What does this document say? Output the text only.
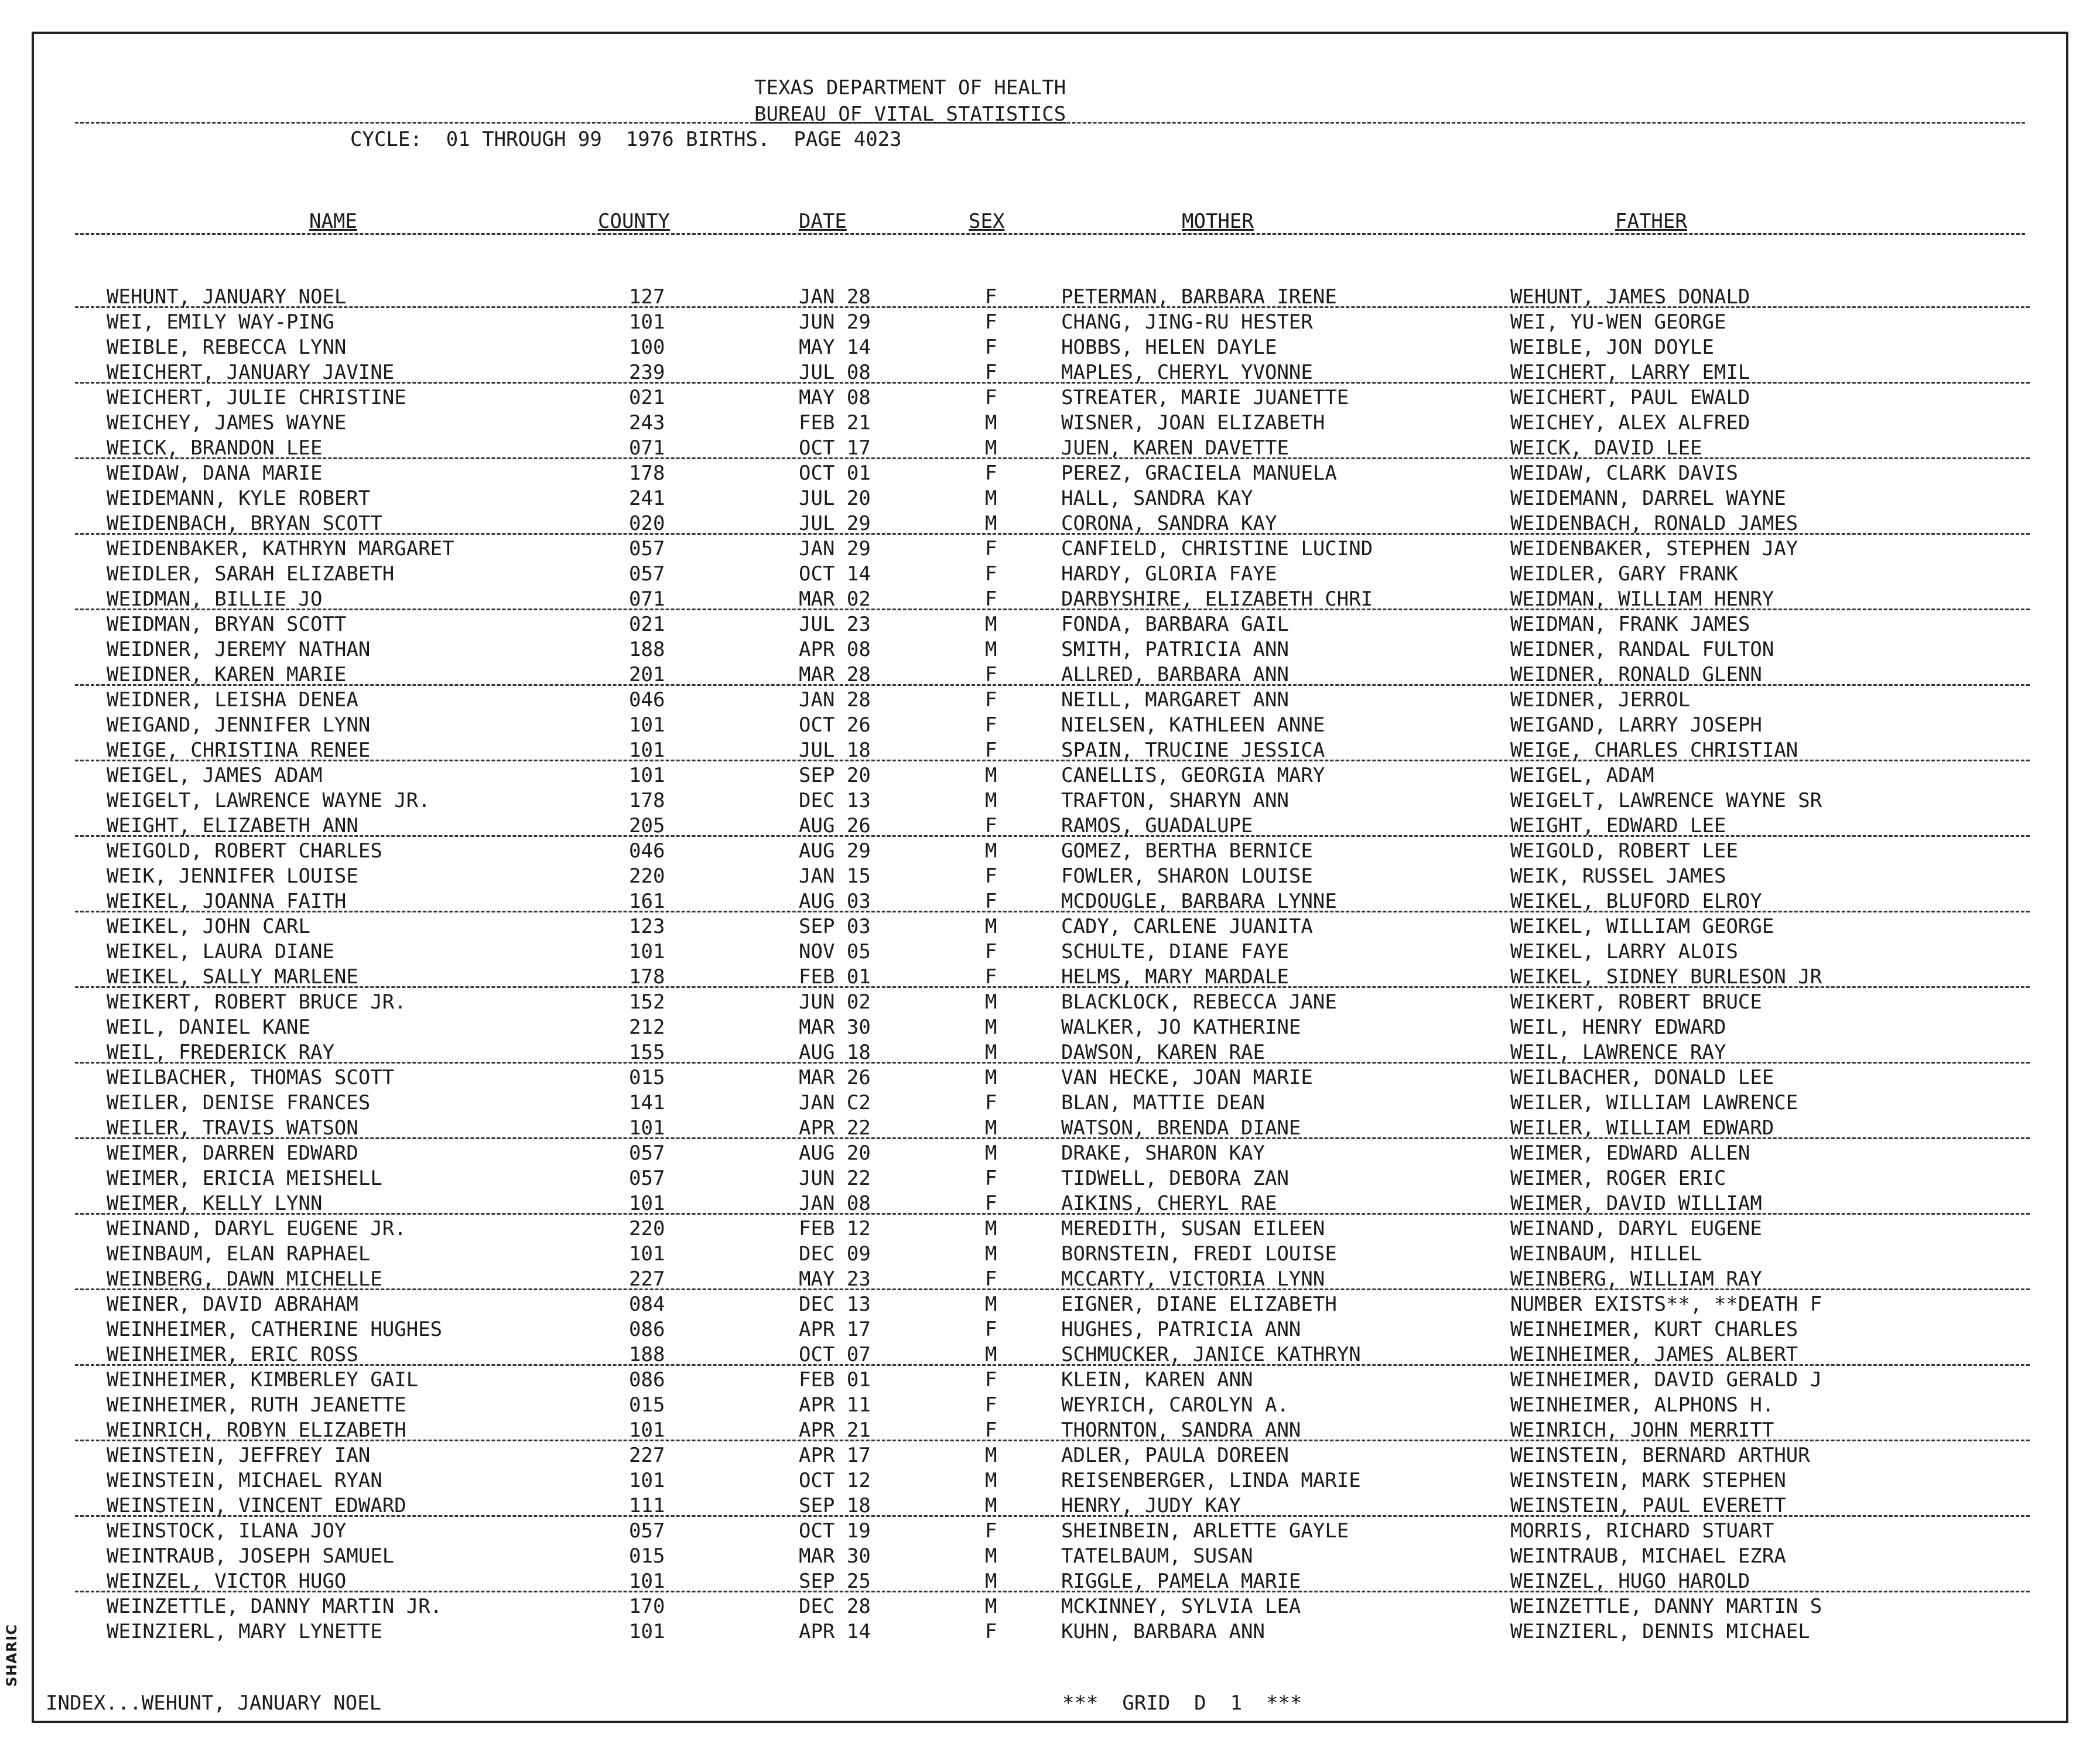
TEXAS DEPARTMENT OF HEALTH
BUREAU OF VITAL STATISTICS
CYCLE:  01 THROUGH 99  1976 BIRTHS.  PAGE 4023
NAME	COUNTY	DATE	SEX	MOTHER	FATHER
WEHUNT, JANUARY NOEL	127	JAN 28	F	PETERMAN, BARBARA IRENE	WEHUNT, JAMES DONALD
WEI, EMILY WAY-PING	101	JUN 29	F	CHANG, JING-RU HESTER	WEI, YU-WEN GEORGE
WEIBLE, REBECCA LYNN	100	MAY 14	F	HOBBS, HELEN DAYLE	WEIBLE, JON DOYLE
WEICHERT, JANUARY JAVINE	239	JUL 08	F	MAPLES, CHERYL YVONNE	WEICHERT, LARRY EMIL
WEICHERT, JULIE CHRISTINE	021	MAY 08	F	STREATER, MARIE JUANETTE	WEICHERT, PAUL EWALD
WEICHEY, JAMES WAYNE	243	FEB 21	M	WISNER, JOAN ELIZABETH	WEICHEY, ALEX ALFRED
WEICK, BRANDON LEE	071	OCT 17	M	JUEN, KAREN DAVETTE	WEICK, DAVID LEE
WEIDAW, DANA MARIE	178	OCT 01	F	PEREZ, GRACIELA MANUELA	WEIDAW, CLARK DAVIS
WEIDEMANN, KYLE ROBERT	241	JUL 20	M	HALL, SANDRA KAY	WEIDEMANN, DARREL WAYNE
WEIDENBACH, BRYAN SCOTT	020	JUL 29	M	CORONA, SANDRA KAY	WEIDENBACH, RONALD JAMES
WEIDENBAKER, KATHRYN MARGARET	057	JAN 29	F	CANFIELD, CHRISTINE LUCIND	WEIDENBAKER, STEPHEN JAY
WEIDLER, SARAH ELIZABETH	057	OCT 14	F	HARDY, GLORIA FAYE	WEIDLER, GARY FRANK
WEIDMAN, BILLIE JO	071	MAR 02	F	DARBYSHIRE, ELIZABETH CHRI	WEIDMAN, WILLIAM HENRY
WEIDMAN, BRYAN SCOTT	021	JUL 23	M	FONDA, BARBARA GAIL	WEIDMAN, FRANK JAMES
WEIDNER, JEREMY NATHAN	188	APR 08	M	SMITH, PATRICIA ANN	WEIDNER, RANDAL FULTON
WEIDNER, KAREN MARIE	201	MAR 28	F	ALLRED, BARBARA ANN	WEIDNER, RONALD GLENN
WEIDNER, LEISHA DENEA	046	JAN 28	F	NEILL, MARGARET ANN	WEIDNER, JERROL
WEIGAND, JENNIFER LYNN	101	OCT 26	F	NIELSEN, KATHLEEN ANNE	WEIGAND, LARRY JOSEPH
WEIGE, CHRISTINA RENEE	101	JUL 18	F	SPAIN, TRUCINE JESSICA	WEIGE, CHARLES CHRISTIAN
WEIGEL, JAMES ADAM	101	SEP 20	M	CANELLIS, GEORGIA MARY	WEIGEL, ADAM
WEIGELT, LAWRENCE WAYNE JR.	178	DEC 13	M	TRAFTON, SHARYN ANN	WEIGELT, LAWRENCE WAYNE SR
WEIGHT, ELIZABETH ANN	205	AUG 26	F	RAMOS, GUADALUPE	WEIGHT, EDWARD LEE
WEIGOLD, ROBERT CHARLES	046	AUG 29	M	GOMEZ, BERTHA BERNICE	WEIGOLD, ROBERT LEE
WEIK, JENNIFER LOUISE	220	JAN 15	F	FOWLER, SHARON LOUISE	WEIK, RUSSEL JAMES
WEIKEL, JOANNA FAITH	161	AUG 03	F	MCDOUGLE, BARBARA LYNNE	WEIKEL, BLUFORD ELROY
WEIKEL, JOHN CARL	123	SEP 03	M	CADY, CARLENE JUANITA	WEIKEL, WILLIAM GEORGE
WEIKEL, LAURA DIANE	101	NOV 05	F	SCHULTE, DIANE FAYE	WEIKEL, LARRY ALOIS
WEIKEL, SALLY MARLENE	178	FEB 01	F	HELMS, MARY MARDALE	WEIKEL, SIDNEY BURLESON JR
WEIKERT, ROBERT BRUCE JR.	152	JUN 02	M	BLACKLOCK, REBECCA JANE	WEIKERT, ROBERT BRUCE
WEIL, DANIEL KANE	212	MAR 30	M	WALKER, JO KATHERINE	WEIL, HENRY EDWARD
WEIL, FREDERICK RAY	155	AUG 18	M	DAWSON, KAREN RAE	WEIL, LAWRENCE RAY
WEILBACHER, THOMAS SCOTT	015	MAR 26	M	VAN HECKE, JOAN MARIE	WEILBACHER, DONALD LEE
WEILER, DENISE FRANCES	141	JAN C2	F	BLAN, MATTIE DEAN	WEILER, WILLIAM LAWRENCE
WEILER, TRAVIS WATSON	101	APR 22	M	WATSON, BRENDA DIANE	WEILER, WILLIAM EDWARD
WEIMER, DARREN EDWARD	057	AUG 20	M	DRAKE, SHARON KAY	WEIMER, EDWARD ALLEN
WEIMER, ERICIA MEISHELL	057	JUN 22	F	TIDWELL, DEBORA ZAN	WEIMER, ROGER ERIC
WEIMER, KELLY LYNN	101	JAN 08	F	AIKINS, CHERYL RAE	WEIMER, DAVID WILLIAM
WEINAND, DARYL EUGENE JR.	220	FEB 12	M	MEREDITH, SUSAN EILEEN	WEINAND, DARYL EUGENE
WEINBAUM, ELAN RAPHAEL	101	DEC 09	M	BORNSTEIN, FREDI LOUISE	WEINBAUM, HILLEL
WEINBERG, DAWN MICHELLE	227	MAY 23	F	MCCARTY, VICTORIA LYNN	WEINBERG, WILLIAM RAY
WEINER, DAVID ABRAHAM	084	DEC 13	M	EIGNER, DIANE ELIZABETH	NUMBER EXISTS**, **DEATH F
WEINHEIMER, CATHERINE HUGHES	086	APR 17	F	HUGHES, PATRICIA ANN	WEINHEIMER, KURT CHARLES
WEINHEIMER, ERIC ROSS	188	OCT 07	M	SCHMUCKER, JANICE KATHRYN	WEINHEIMER, JAMES ALBERT
WEINHEIMER, KIMBERLEY GAIL	086	FEB 01	F	KLEIN, KAREN ANN	WEINHEIMER, DAVID GERALD J
WEINHEIMER, RUTH JEANETTE	015	APR 11	F	WEYRICH, CAROLYN A.	WEINHEIMER, ALPHONS H.
WEINRICH, ROBYN ELIZABETH	101	APR 21	F	THORNTON, SANDRA ANN	WEINRICH, JOHN MERRITT
WEINSTEIN, JEFFREY IAN	227	APR 17	M	ADLER, PAULA DOREEN	WEINSTEIN, BERNARD ARTHUR
WEINSTEIN, MICHAEL RYAN	101	OCT 12	M	REISENBERGER, LINDA MARIE	WEINSTEIN, MARK STEPHEN
WEINSTEIN, VINCENT EDWARD	111	SEP 18	M	HENRY, JUDY KAY	WEINSTEIN, PAUL EVERETT
WEINSTOCK, ILANA JOY	057	OCT 19	F	SHEINBEIN, ARLETTE GAYLE	MORRIS, RICHARD STUART
WEINTRAUB, JOSEPH SAMUEL	015	MAR 30	M	TATELBAUM, SUSAN	WEINTRAUB, MICHAEL EZRA
WEINZEL, VICTOR HUGO	101	SEP 25	M	RIGGLE, PAMELA MARIE	WEINZEL, HUGO HAROLD
WEINZETTLE, DANNY MARTIN JR.	170	DEC 28	M	MCKINNEY, SYLVIA LEA	WEINZETTLE, DANNY MARTIN S
WEINZIERL, MARY LYNETTE	101	APR 14	F	KUHN, BARBARA ANN	WEINZIERL, DENNIS MICHAEL
INDEX...WEHUNT, JANUARY NOEL	***  GRID  D  1  ***
SHARIC
